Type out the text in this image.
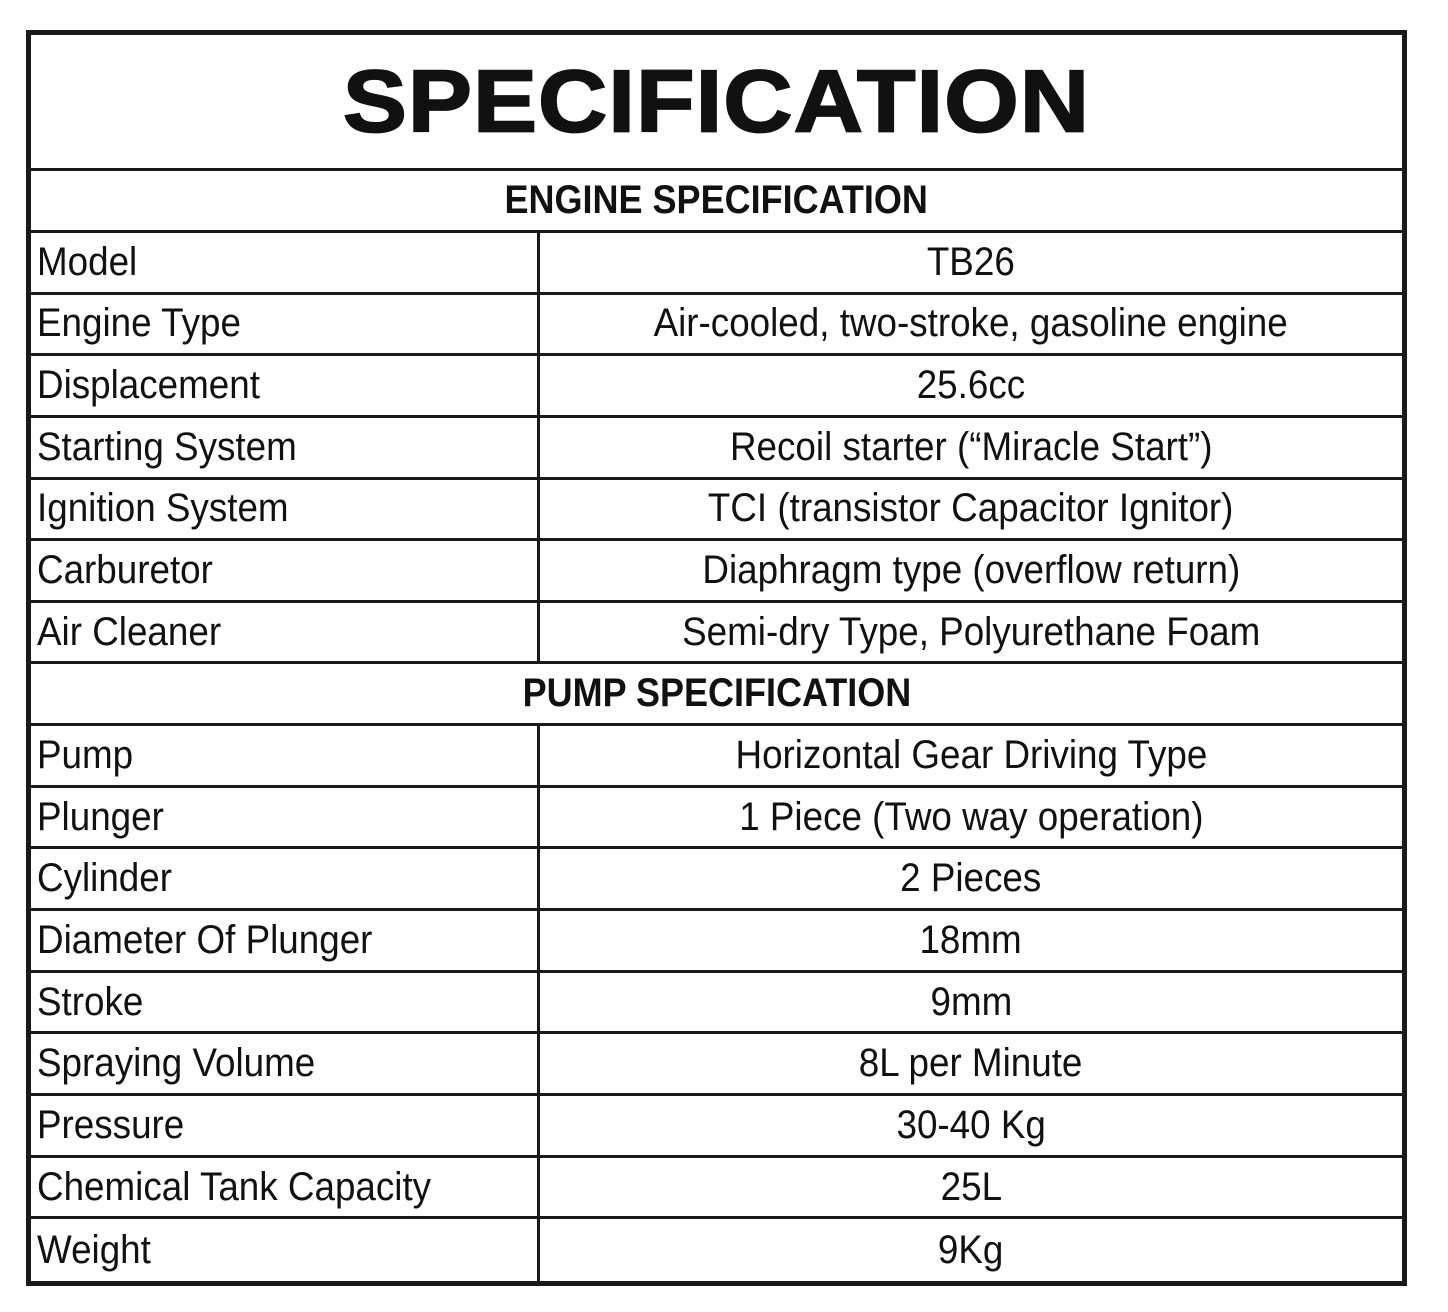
SPECIFICATION
ENGINE SPECIFICATION
Model	TB26
Engine Type	Air-cooled, two-stroke, gasoline engine
Displacement	25.6cc
Starting System	Recoil starter (“Miracle Start”)
Ignition System	TCI (transistor Capacitor Ignitor)
Carburetor	Diaphragm type (overflow return)
Air Cleaner	Semi-dry Type, Polyurethane Foam
PUMP SPECIFICATION
Pump	Horizontal Gear Driving Type
Plunger	1 Piece (Two way operation)
Cylinder	2 Pieces
Diameter Of Plunger	18mm
Stroke	9mm
Spraying Volume	8L per Minute
Pressure	30-40 Kg
Chemical Tank Capacity	25L
Weight	9Kg
